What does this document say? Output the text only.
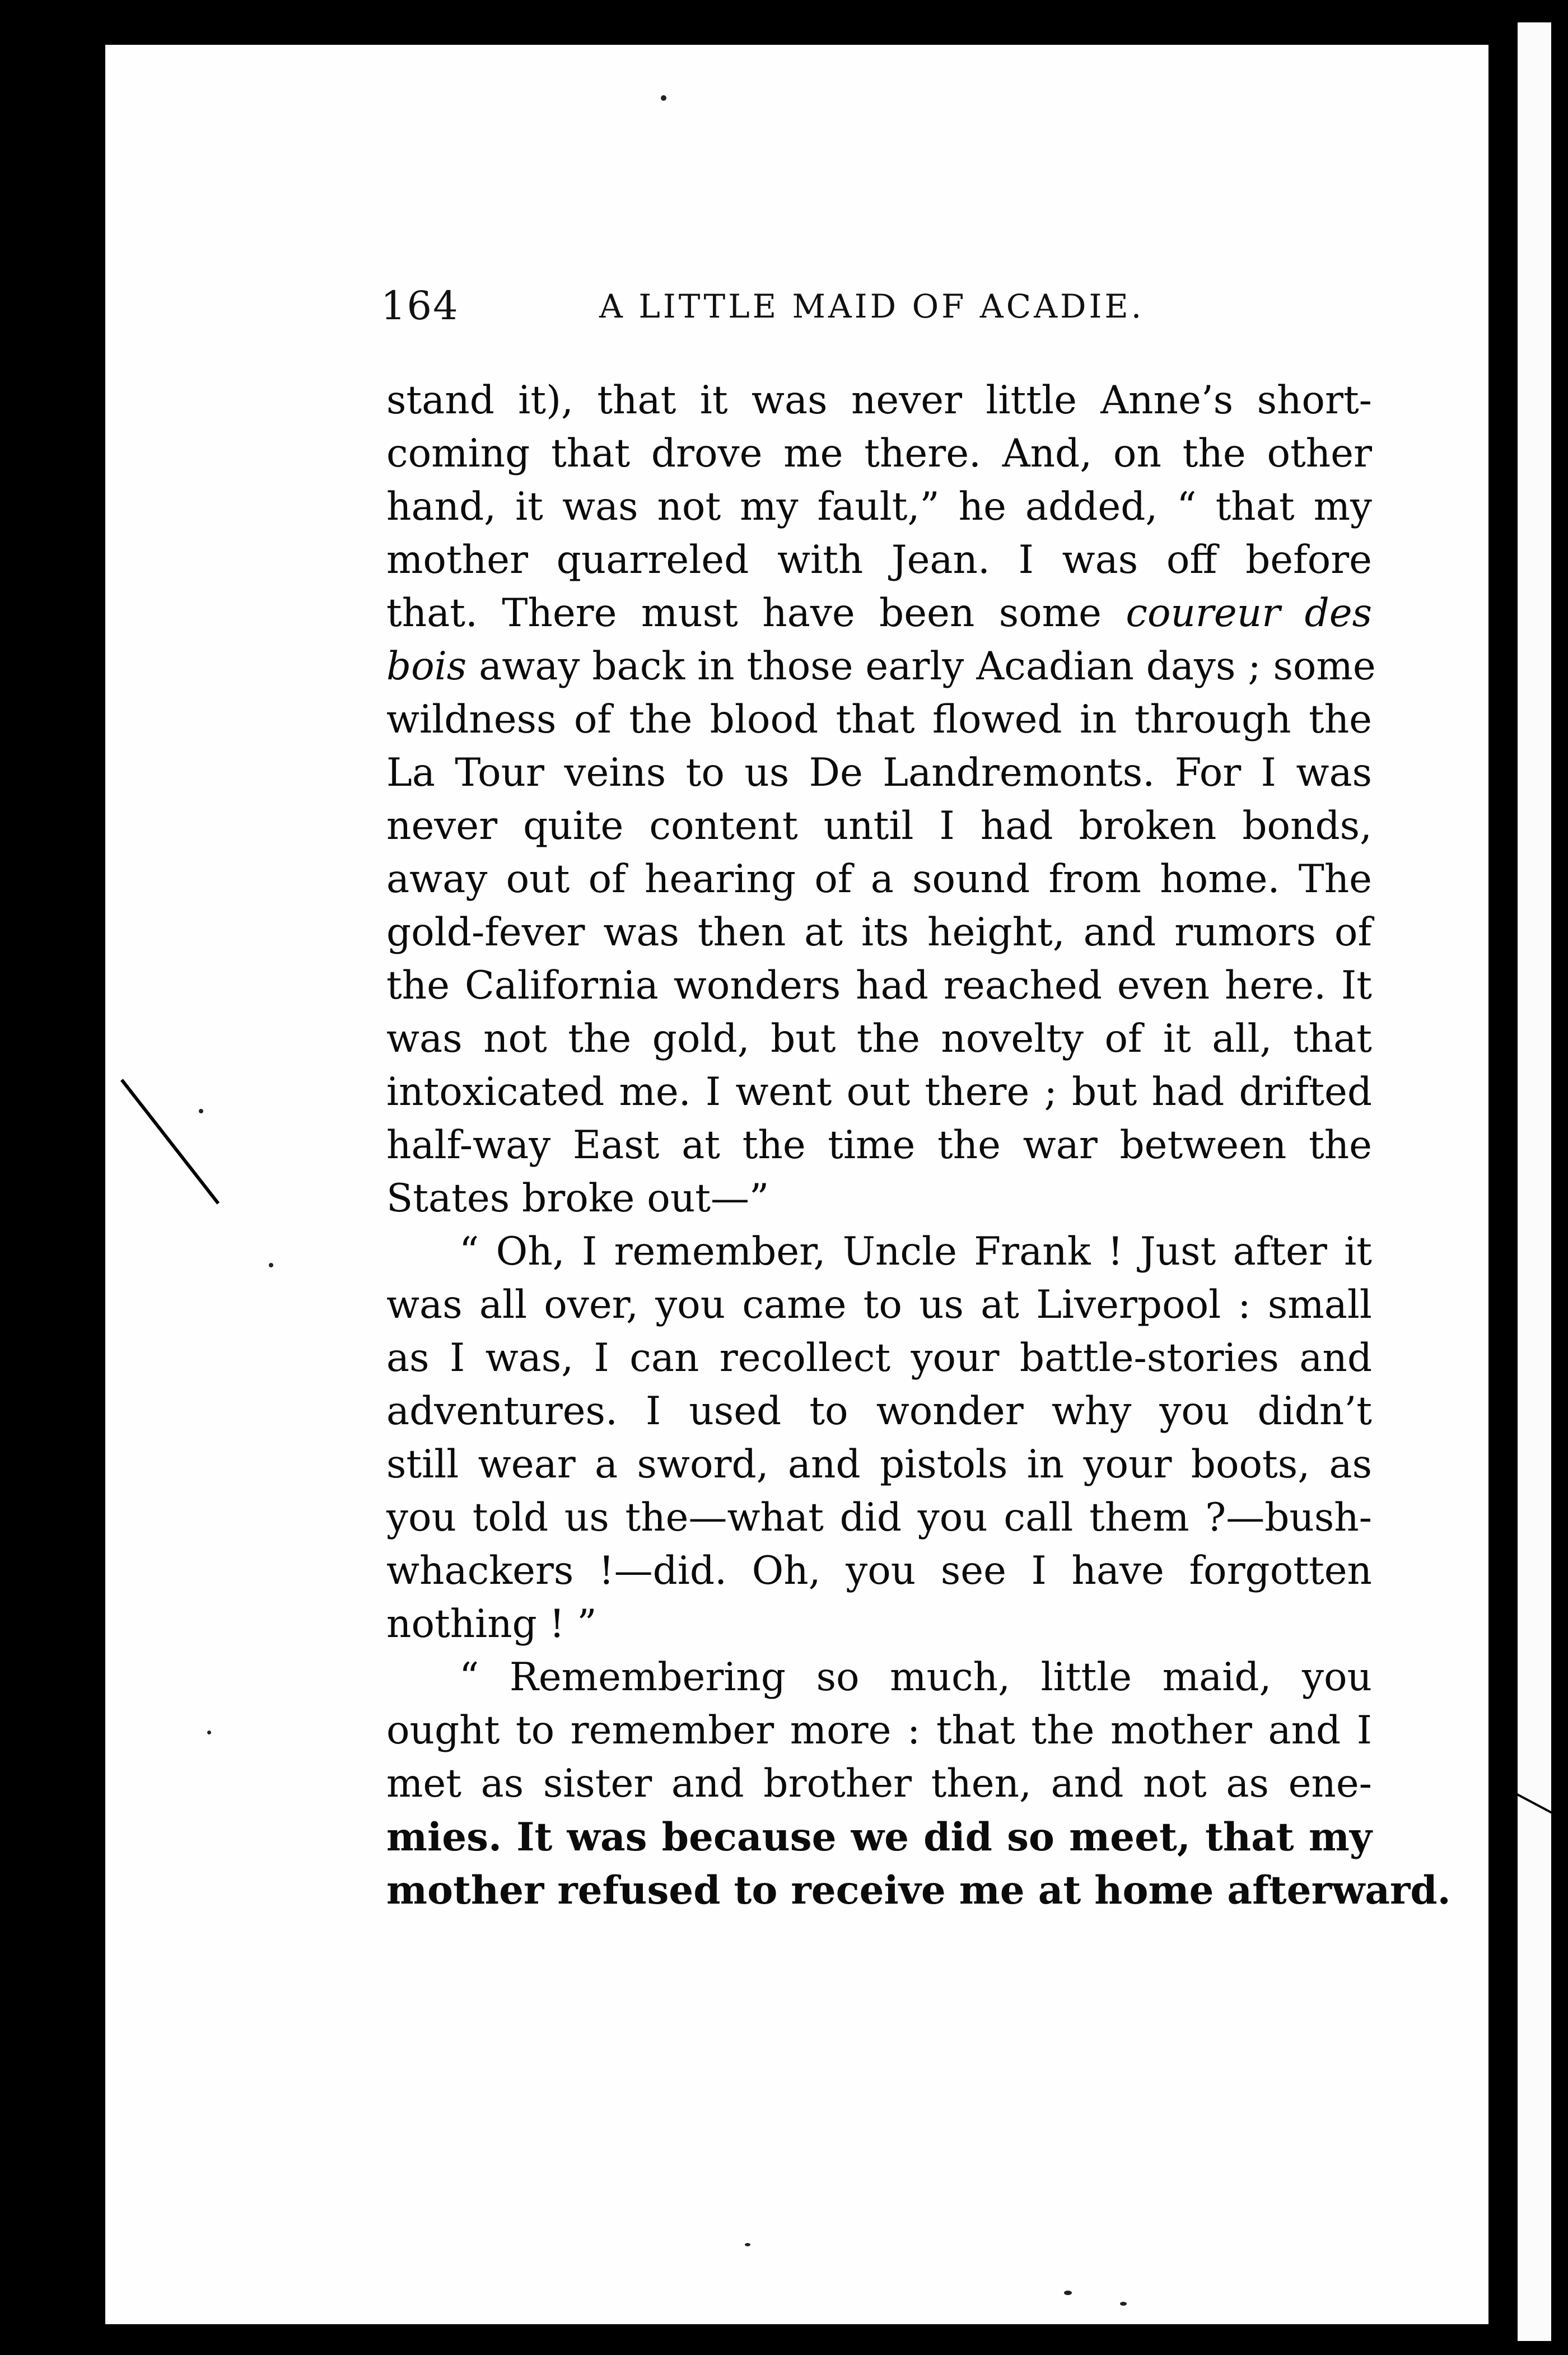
164	A LITTLE MAID OF ACADIE.
stand it), that it was never little Anne’s short-
coming that drove me there. And, on the other
hand, it was not my fault,” he added, “ that my
mother quarreled with Jean. I was off before
that. There must have been some coureur des
bois away back in those early Acadian days ; some
wildness of the blood that flowed in through the
La Tour veins to us De Landremonts. For I was
never quite content until I had broken bonds,
away out of hearing of a sound from home. The
gold-fever was then at its height, and rumors of
the California wonders had reached even here. It
was not the gold, but the novelty of it all, that
intoxicated me. I went out there ; but had drifted
half-way East at the time the war between the
States broke out—”
“ Oh, I remember, Uncle Frank ! Just after it
was all over, you came to us at Liverpool : small
as I was, I can recollect your battle-stories and
adventures. I used to wonder why you didn’t
still wear a sword, and pistols in your boots, as
you told us the—what did you call them ?—bush-
whackers !—did. Oh, you see I have forgotten
nothing ! ”
“ Remembering so much, little maid, you
ought to remember more : that the mother and I
met as sister and brother then, and not as ene-
mies. It was because we did so meet, that my
mother refused to receive me at home afterward.
